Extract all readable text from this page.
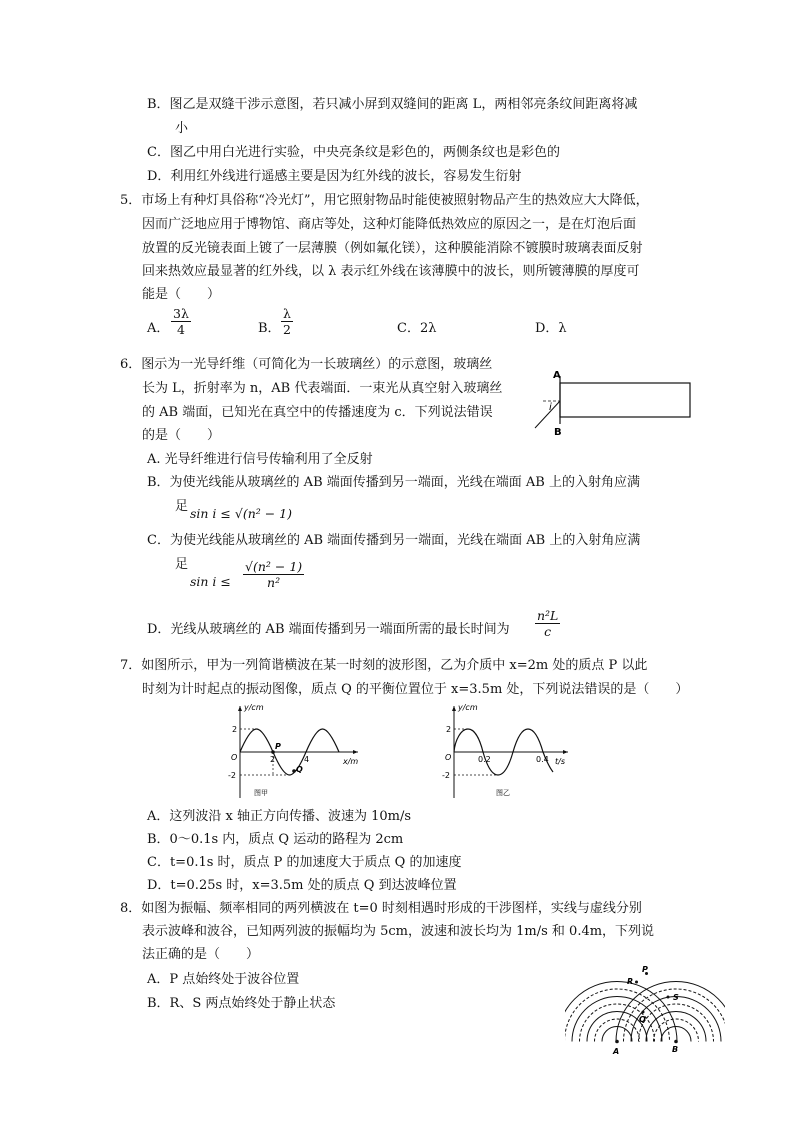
B．图乙是双缝干涉示意图，若只减小屏到双缝间的距离 L，两相邻亮条纹间距离将减
小
C．图乙中用白光进行实验，中央亮条纹是彩色的，两侧条纹也是彩色的
D．利用红外线进行遥感主要是因为红外线的波长，容易发生衍射
5．市场上有种灯具俗称“冷光灯”，用它照射物品时能使被照射物品产生的热效应大大降低，
因而广泛地应用于博物馆、商店等处，这种灯能降低热效应的原因之一，是在灯泡后面
放置的反光镜表面上镀了一层薄膜（例如氟化镁），这种膜能消除不镀膜时玻璃表面反射
回来热效应最显著的红外线，以 λ 表示红外线在该薄膜中的波长，则所镀薄膜的厚度可
能是（　　）
A． $\frac{3\lambda}{4}$	B． $\frac{\lambda}{2}$	C．2λ	D．λ
6．图示为一光导纤维（可简化为一长玻璃丝）的示意图，玻璃丝
长为 L，折射率为 n，AB 代表端面．一束光从真空射入玻璃丝
的 AB 端面，已知光在真空中的传播速度为 c．下列说法错误
的是（　　）
A
B
i
A. 光导纤维进行信号传输利用了全反射
B．为使光线能从玻璃丝的 AB 端面传播到另一端面，光线在端面 AB 上的入射角应满
足 sin i ≤ √(n² − 1)
C．为使光线能从玻璃丝的 AB 端面传播到另一端面，光线在端面 AB 上的入射角应满
足
$\sin i \le \frac{\text{√(n² − 1)}}{\text{n²}}$
D．光线从玻璃丝的 AB 端面传播到另一端面所需的最长时间为 $\frac{\text{n²L}}{c}$
7．如图所示，甲为一列简谐横波在某一时刻的波形图，乙为介质中 x=2m 处的质点 P 以此
时刻为计时起点的振动图像，质点 Q 的平衡位置位于 x=3.5m 处，下列说法错误的是（　　）
y/cm
x/m
2
-2
O	2	4
P
Q
图甲
y/cm
t/s
2
-2
O	0.2	0.4
图乙
A．这列波沿 x 轴正方向传播、波速为 10m/s
B．0～0.1s 内，质点 Q 运动的路程为 2cm
C．t=0.1s 时，质点 P 的加速度大于质点 Q 的加速度
D．t=0.25s 时，x=3.5m 处的质点 Q 到达波峰位置
8．如图为振幅、频率相同的两列横波在 t=0 时刻相遇时形成的干涉图样，实线与虚线分别
表示波峰和波谷，已知两列波的振幅均为 5cm，波速和波长均为 1m/s 和 0.4m，下列说
法正确的是（　　）
A．P 点始终处于波谷位置
B．R、S 两点始终处于静止状态
P
R
S
Q
A	B
